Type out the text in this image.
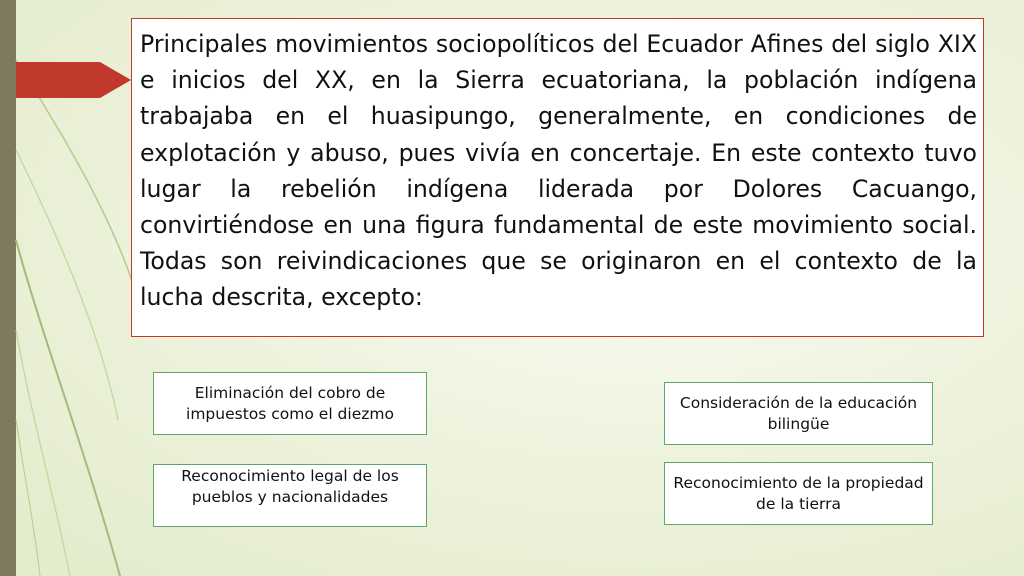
Principales movimientos sociopolíticos del Ecuador Afines del siglo XIX e inicios del XX, en la Sierra ecuatoriana, la población indígena trabajaba en el huasipungo, generalmente, en condiciones de explotación y abuso, pues vivía en concertaje. En este contexto tuvo lugar la rebelión indígena liderada por Dolores Cacuango, convirtiéndose en una figura fundamental de este movimiento social. Todas son reivindicaciones que se originaron en el contexto de la lucha descrita, excepto:

Eliminación del cobro de impuestos como el diezmo
Consideración de la educación bilingüe
Reconocimiento legal de los pueblos y nacionalidades
Reconocimiento de la propiedad de la tierra
